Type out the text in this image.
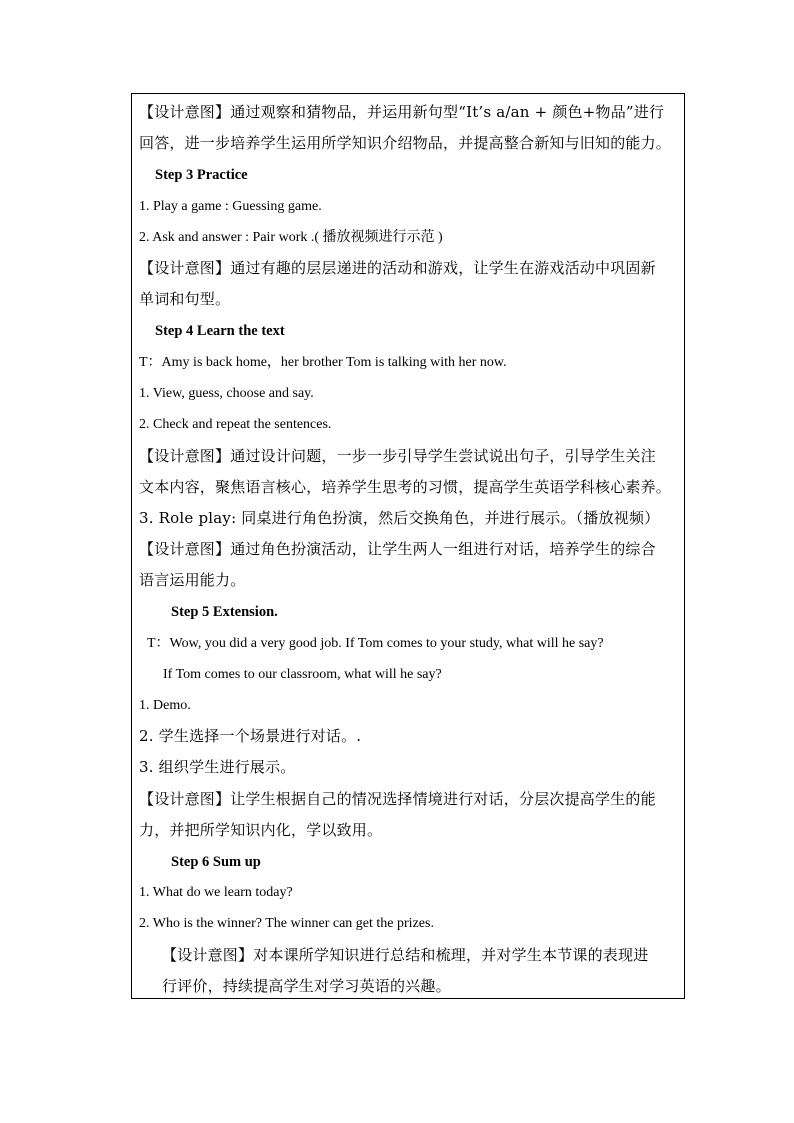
【设计意图】通过观察和猜物品，并运用新句型“It’s a/an + 颜色+物品”进行
回答，进一步培养学生运用所学知识介绍物品，并提高整合新知与旧知的能力。
Step 3 Practice
1. Play a game : Guessing game.
2. Ask and answer : Pair work .( 播放视频进行示范 )
【设计意图】通过有趣的层层递进的活动和游戏，让学生在游戏活动中巩固新
单词和句型。
Step 4 Learn the text
T：Amy is back home，her brother Tom is talking with her now.
1. View, guess, choose and say.
2. Check and repeat the sentences.
【设计意图】通过设计问题，一步一步引导学生尝试说出句子，引导学生关注
文本内容，聚焦语言核心，培养学生思考的习惯，提高学生英语学科核心素养。
3. Role play: 同桌进行角色扮演，然后交换角色，并进行展示。（播放视频）
【设计意图】通过角色扮演活动，让学生两人一组进行对话，培养学生的综合
语言运用能力。
Step 5 Extension.
T：Wow, you did a very good job. If Tom comes to your study, what will he say?
If Tom comes to our classroom, what will he say?
1. Demo.
2. 学生选择一个场景进行对话。.
3. 组织学生进行展示。
【设计意图】让学生根据自己的情况选择情境进行对话，分层次提高学生的能
力，并把所学知识内化，学以致用。
Step 6 Sum up
1. What do we learn today?
2. Who is the winner? The winner can get the prizes.
【设计意图】对本课所学知识进行总结和梳理，并对学生本节课的表现进
行评价，持续提高学生对学习英语的兴趣。
